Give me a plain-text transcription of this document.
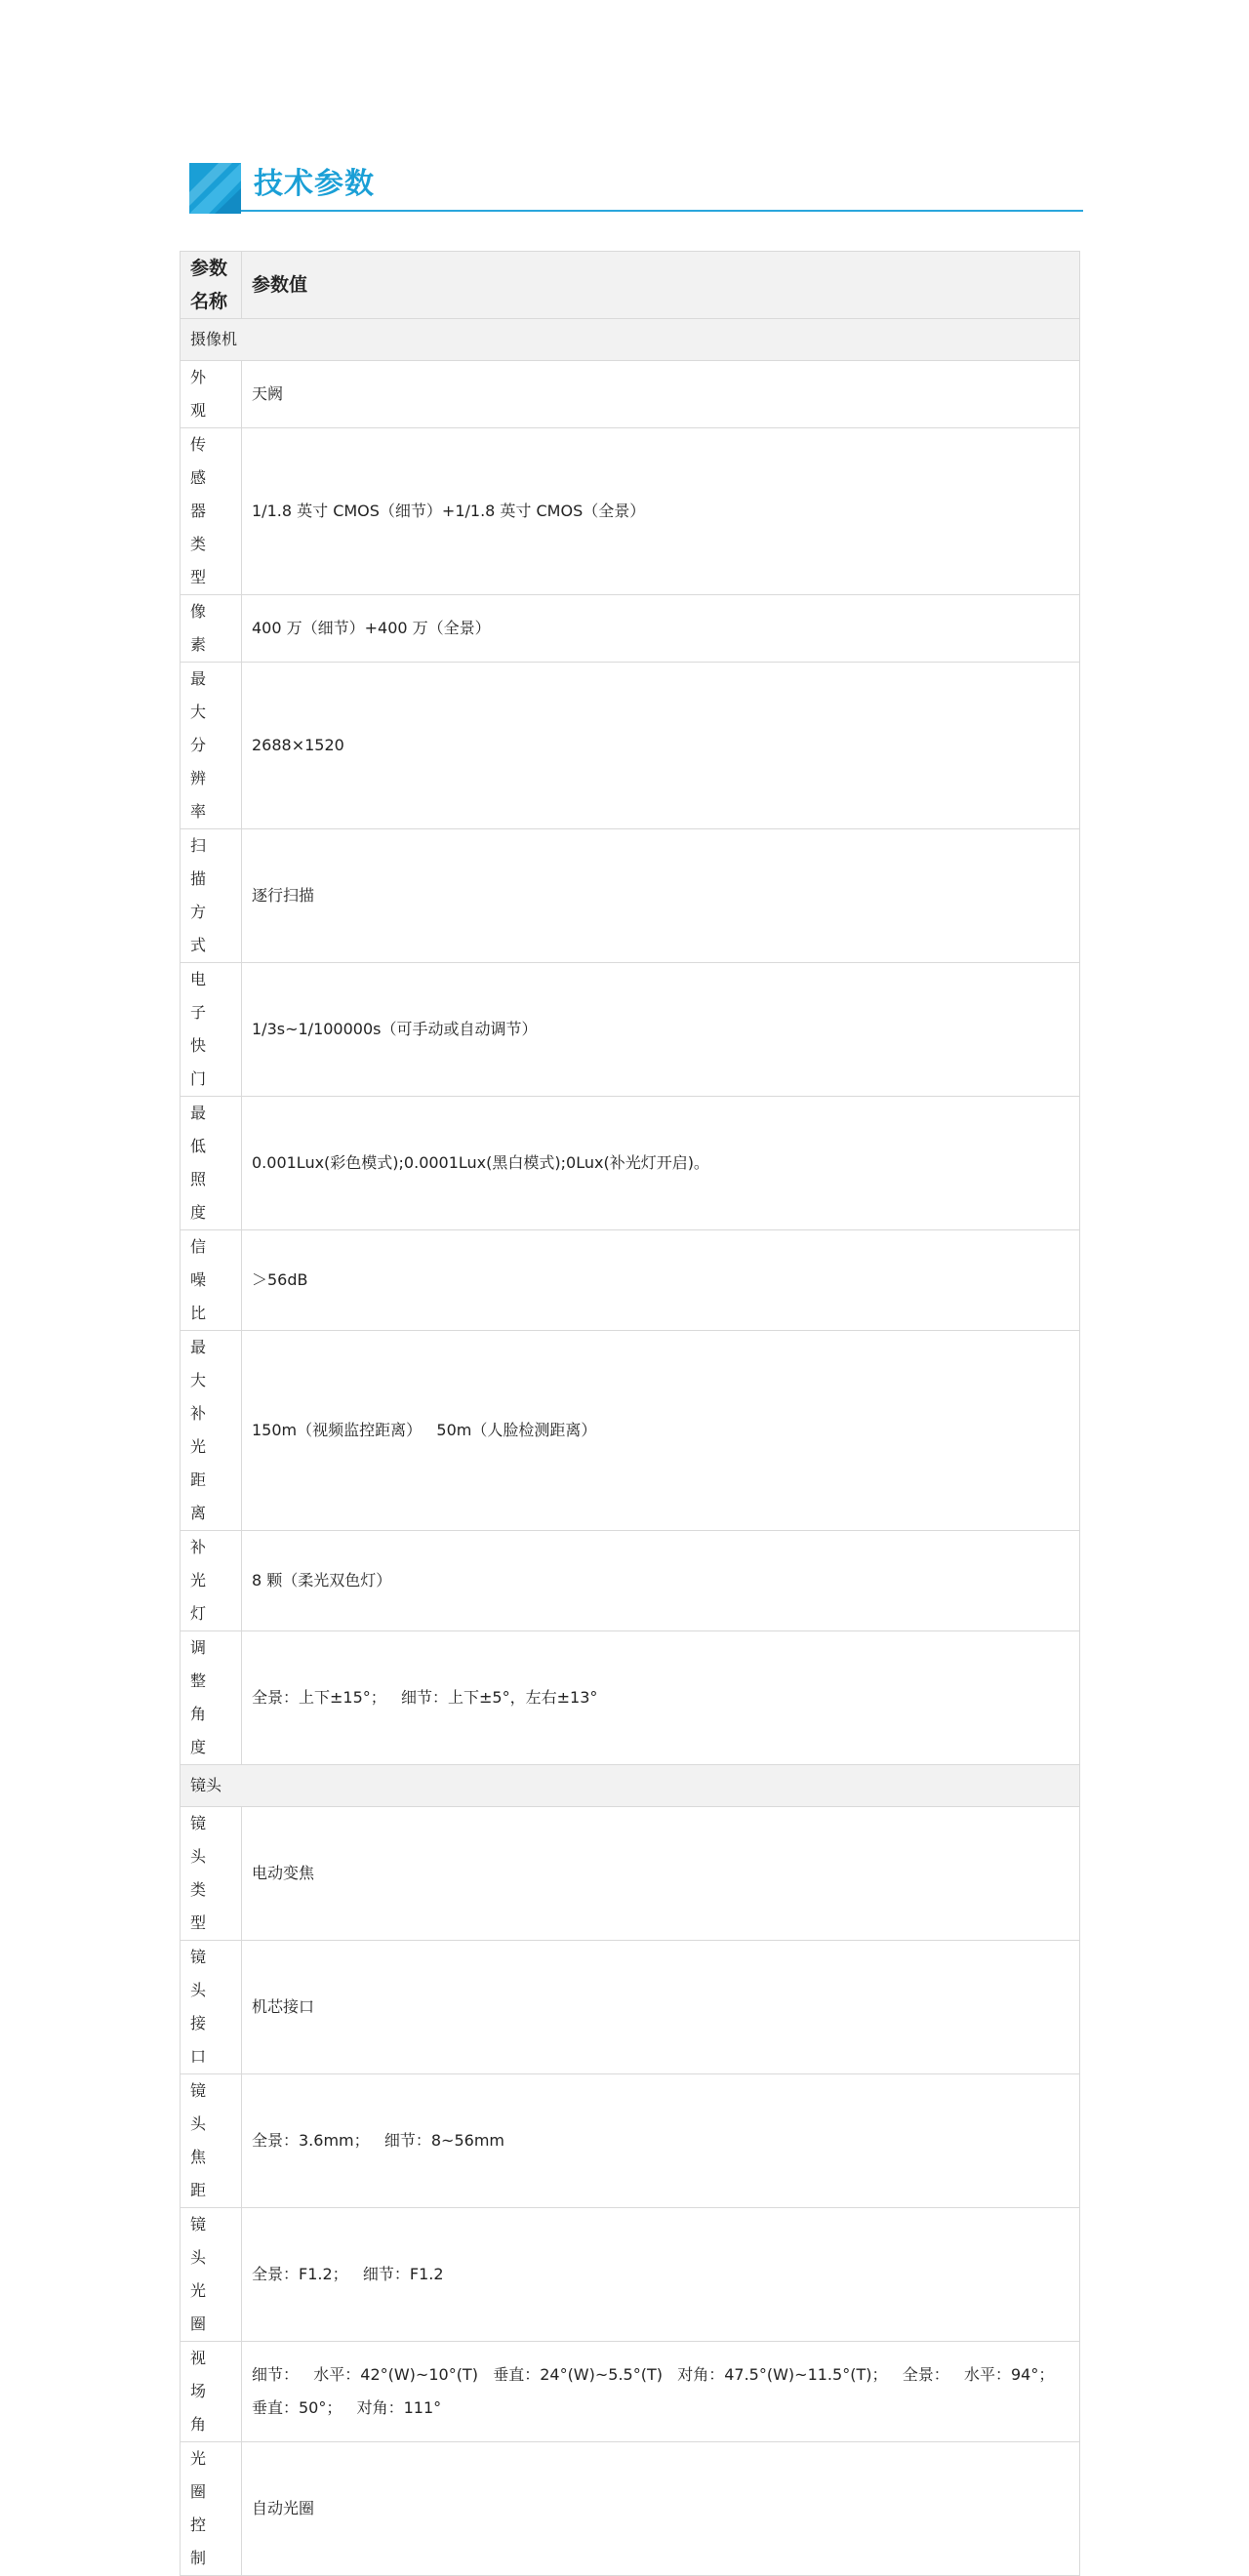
技术参数
参数名称	参数值
摄像机	
外观	天阙
传感器类型	1/1.8 英寸 CMOS（细节）+1/1.8 英寸 CMOS（全景）
像素	400 万（细节）+400 万（全景）
最大分辨率	2688×1520
扫描方式	逐行扫描
电子快门	1/3s~1/100000s（可手动或自动调节）
最低照度	0.001Lux(彩色模式);0.0001Lux(黑白模式);0Lux(补光灯开启)。
信噪比	＞56dB
最大补光距离	150m（视频监控距离）   50m（人脸检测距离）
补光灯	8 颗（柔光双色灯）
调整角度	全景：上下±15°；   细节：上下±5°，左右±13°
镜头	
镜头类型	电动变焦
镜头接口	机芯接口
镜头焦距	全景：3.6mm；   细节：8~56mm
镜头光圈	全景：F1.2；   细节：F1.2
视场角	细节：   水平：42°(W)~10°(T)   垂直：24°(W)~5.5°(T)   对角：47.5°(W)~11.5°(T)；   全景：   水平：94°；   垂直：50°；   对角：111°
光圈控制	自动光圈
